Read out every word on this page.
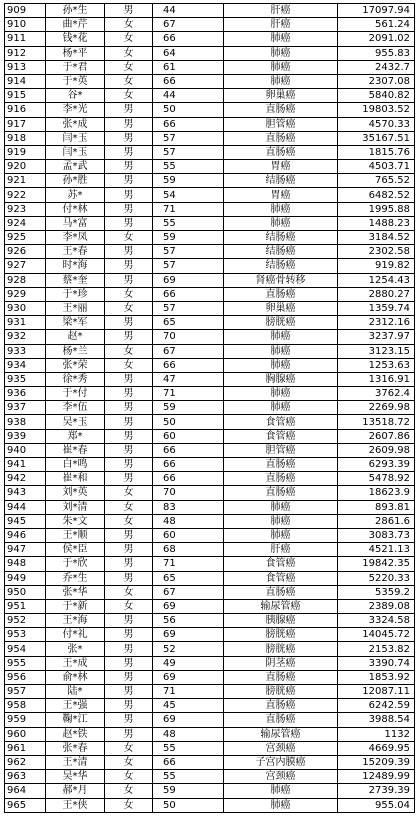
909	孙*生	男	44	肝癌	17097.94
910	曲*芹	女	67	肝癌	561.24
911	钱*花	女	66	肺癌	2091.02
912	杨*平	女	64	肺癌	955.83
913	于*君	女	61	肺癌	2432.7
914	于*英	女	66	肺癌	2307.08
915	谷*	女	44	卵巢癌	5840.82
916	李*光	男	50	直肠癌	19803.52
917	张*成	男	66	胆管癌	4570.33
918	闫*玉	男	57	直肠癌	35167.51
919	闫*玉	男	57	直肠癌	1815.76
920	孟*武	男	55	胃癌	4503.71
921	孙*胜	男	59	结肠癌	765.52
922	苏*	男	54	胃癌	6482.52
923	付*林	男	71	肺癌	1995.88
924	马*富	男	55	肺癌	1488.23
925	李*凤	女	59	结肠癌	3184.52
926	王*春	男	57	结肠癌	2302.58
927	时*海	男	57	结肠癌	919.82
928	蔡*奎	男	69	肾癌骨转移	1254.43
929	于*珍	女	66	直肠癌	2880.27
930	王*丽	女	57	卵巢癌	1359.74
931	梁*军	男	65	膀胱癌	2312.16
932	赵*	男	70	肺癌	3237.97
933	杨*兰	女	67	肺癌	3123.15
934	张*荣	女	66	肺癌	1253.63
935	徐*秀	男	47	胸腺癌	1316.91
936	于*付	男	71	肺癌	3762.4
937	李*伍	男	59	肺癌	2269.98
938	吴*玉	男	50	食管癌	13518.72
939	郑*	男	60	食管癌	2607.86
940	崔*春	男	66	胆管癌	2609.98
941	白*鸣	男	66	直肠癌	6293.39
942	崔*和	男	66	直肠癌	5478.92
943	刘*英	女	70	直肠癌	18623.9
944	刘*清	女	83	肺癌	893.81
945	朱*文	女	48	肺癌	2861.6
946	王*顺	男	60	肺癌	3083.73
947	侯*臣	男	68	肝癌	4521.13
948	于*欣	男	71	食管癌	19842.35
949	乔*生	男	65	食管癌	5220.33
950	张*华	女	67	直肠癌	5359.2
951	于*新	女	69	输尿管癌	2389.08
952	王*海	男	56	胰腺癌	3324.58
953	付*礼	男	69	膀胱癌	14045.72
954	张*	男	52	膀胱癌	2153.82
955	王*成	男	49	阴茎癌	3390.74
956	俞*林	男	69	直肠癌	1853.92
957	陆*	男	71	膀胱癌	12087.11
958	王*强	男	45	直肠癌	6242.59
959	鞠*江	男	69	直肠癌	3988.54
960	赵*铁	男	48	输尿管癌	1132
961	张*春	女	55	宫颈癌	4669.95
962	王*清	女	66	子宫内膜癌	15209.39
963	吴*华	女	55	宫颈癌	12489.99
964	郝*月	女	59	肺癌	2739.39
965	王*侠	女	50	肺癌	955.04
